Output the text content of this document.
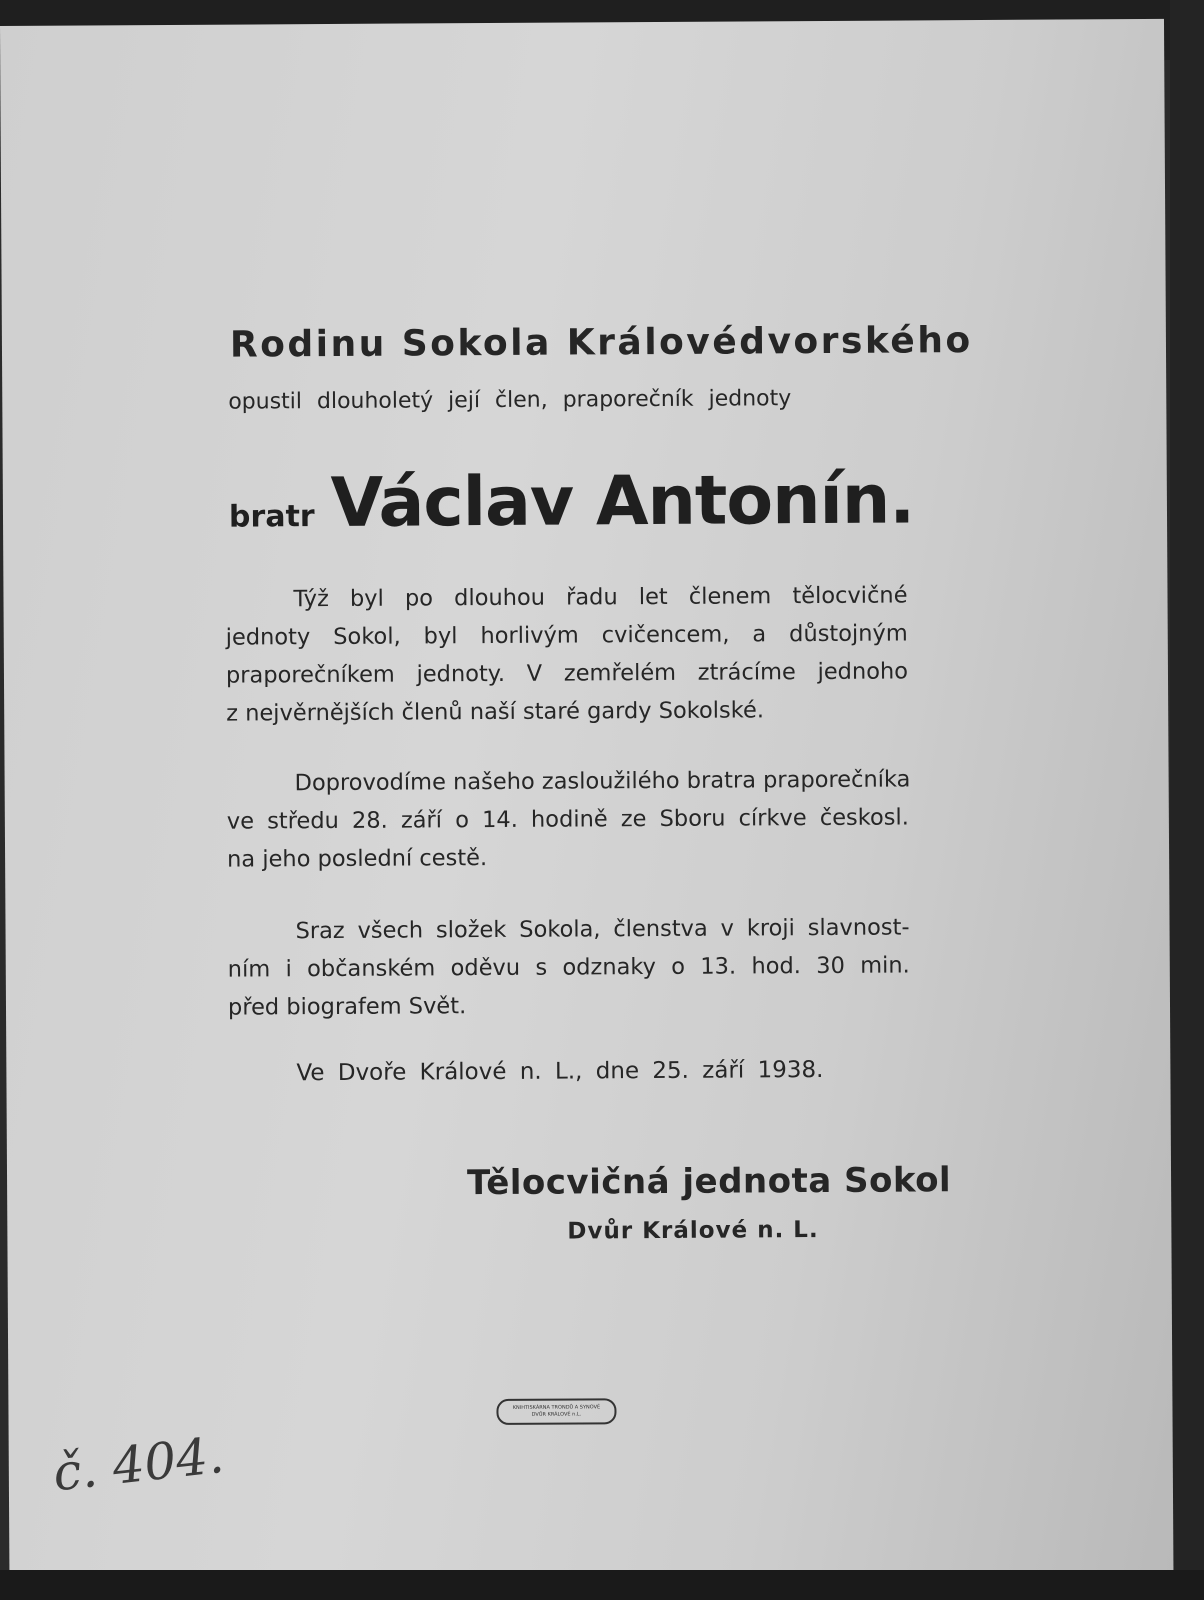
Rodinu Sokola Královédvorského
opustil dlouholetý její člen, praporečník jednoty
bratr Václav Antonín.
Týž byl po dlouhou řadu let členem tělocvičné
jednoty Sokol, byl horlivým cvičencem, a důstojným
praporečníkem jednoty. V zemřelém ztrácíme jednoho
z nejvěrnějších členů naší staré gardy Sokolské.
Doprovodíme našeho zasloužilého bratra praporečníka
ve středu 28. září o 14. hodině ze Sboru církve českosl.
na jeho poslední cestě.
Sraz všech složek Sokola, členstva v kroji slavnost-
ním i občanském oděvu s odznaky o 13. hod. 30 min.
před biografem Svět.
Ve Dvoře Králové n. L., dne 25. září 1938.
Tělocvičná jednota Sokol
Dvůr Králové n. L.
KNIHTISKÁRNA TRONDŮ A SYNOVÉ
DVŮR KRÁLOVÉ n.L.
č. 404.
